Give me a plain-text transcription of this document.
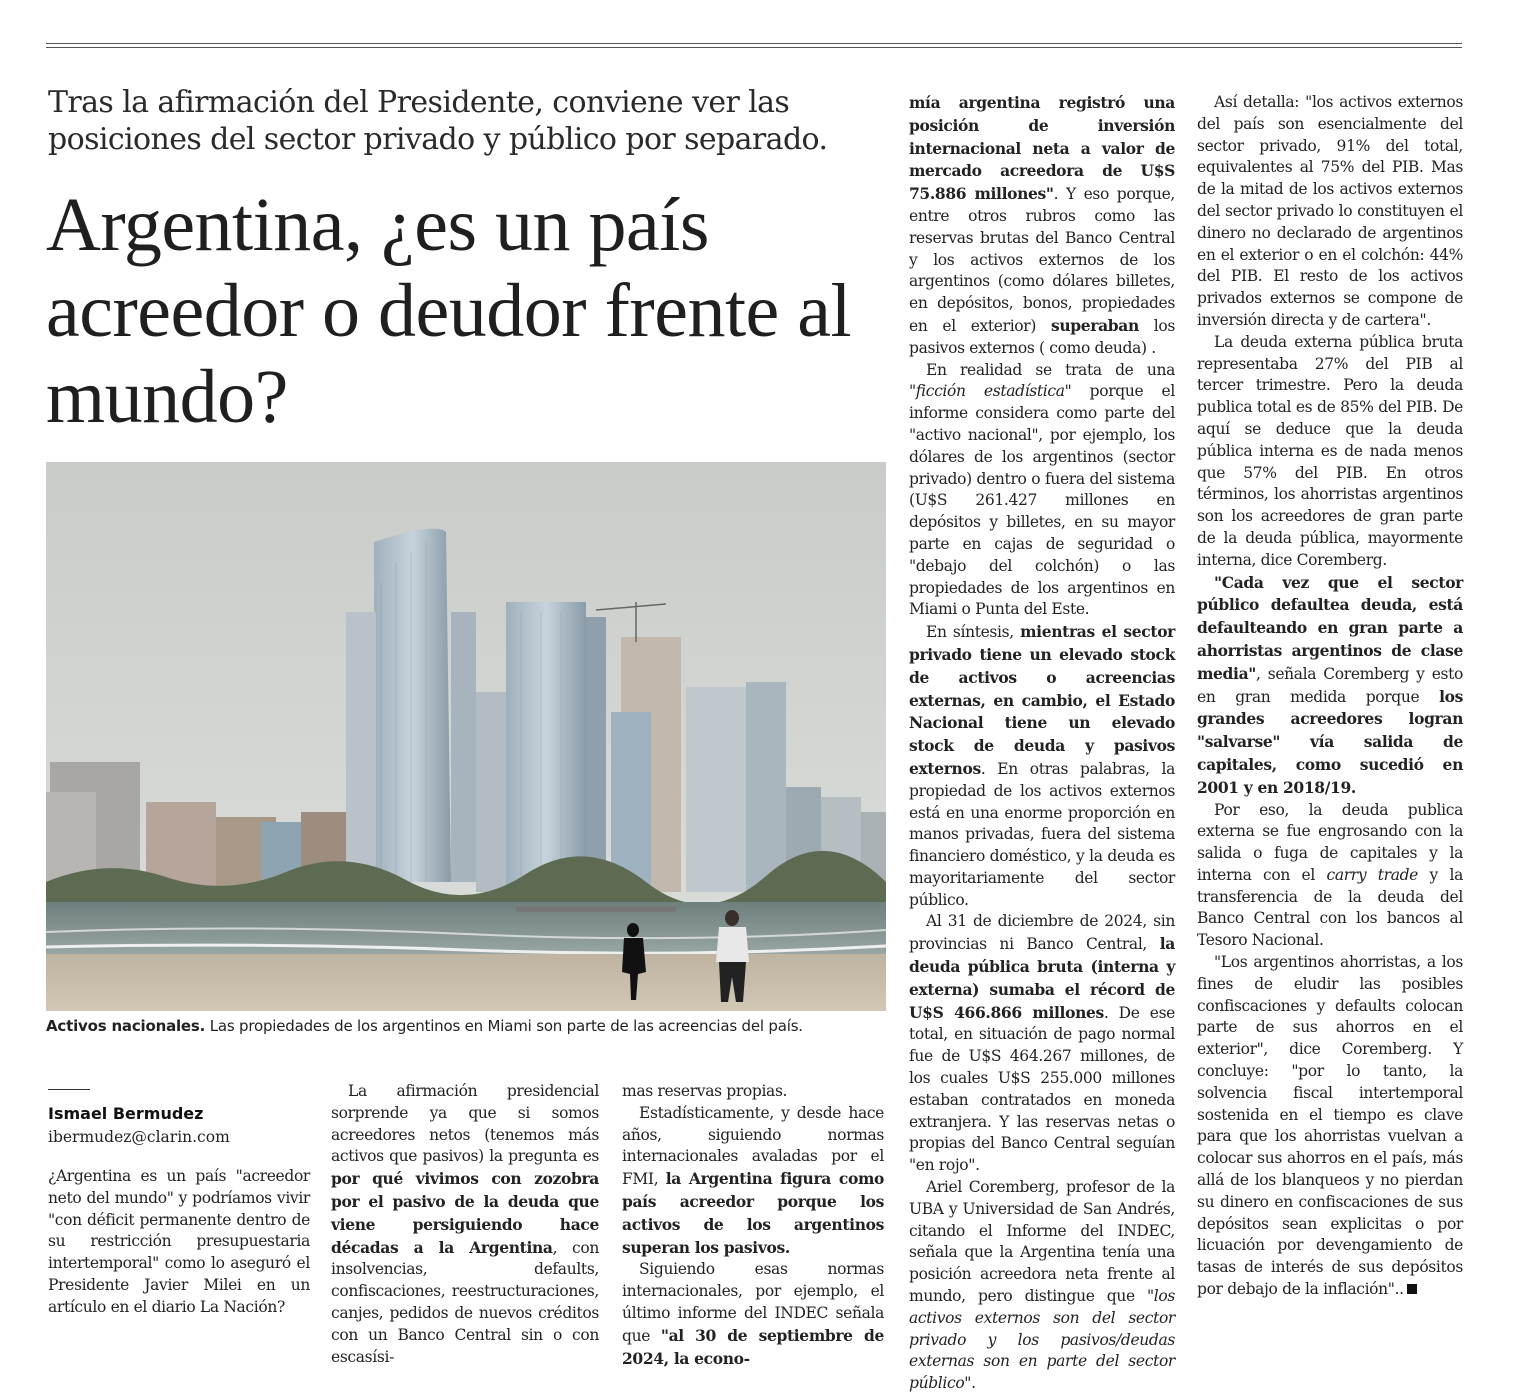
Tras la afirmación del Presidente, conviene ver las posiciones del sector privado y público por separado.
Argentina, ¿es un país acreedor o deudor frente al mundo?

Activos nacionales. Las propiedades de los argentinos en Miami son parte de las acreencias del país.

Ismael Bermudez

ibermudez@clarin.com

¿Argentina es un país "acreedor neto del mundo" y podríamos vivir "con déficit permanente dentro de su restricción presupuestaria intertemporal" como lo aseguró el Presidente Javier Milei en un artículo en el diario La Nación?

La afirmación presidencial sorprende ya que si somos acreedores netos (tenemos más activos que pasivos) la pregunta es por qué vivimos con zozobra por el pasivo de la deuda que viene persiguiendo hace décadas a la Argentina, con insolvencias, defaults, confiscaciones, reestructuraciones, canjes, pedidos de nuevos créditos con un Banco Central sin o con escasísi-

mas reservas propias.

Estadísticamente, y desde hace años, siguiendo normas internacionales avaladas por el FMI, la Argentina figura como país acreedor porque los activos de los argentinos superan los pasivos.

Siguiendo esas normas internacionales, por ejemplo, el último informe del INDEC señala que "al 30 de septiembre de 2024, la econo-

mía argentina registró una posición de inversión internacional neta a valor de mercado acreedora de U$S 75.886 millones". Y eso porque, entre otros rubros como las reservas brutas del Banco Central y los activos externos de los argentinos (como dólares billetes, en depósitos, bonos, propiedades en el exterior) superaban los pasivos externos ( como deuda) .

En realidad se trata de una "ficción estadística" porque el informe considera como parte del "activo nacional", por ejemplo, los dólares de los argentinos (sector privado) dentro o fuera del sistema (U$S 261.427 millones en depósitos y billetes, en su mayor parte en cajas de seguridad o "debajo del colchón) o las propiedades de los argentinos en Miami o Punta del Este.

En síntesis, mientras el sector privado tiene un elevado stock de activos o acreencias externas, en cambio, el Estado Nacional tiene un elevado stock de deuda y pasivos externos. En otras palabras, la propiedad de los activos externos está en una enorme proporción en manos privadas, fuera del sistema financiero doméstico, y la deuda es mayoritariamente del sector público.

Al 31 de diciembre de 2024, sin provincias ni Banco Central, la deuda pública bruta (interna y externa) sumaba el récord de U$S 466.866 millones. De ese total, en situación de pago normal fue de U$S 464.267 millones, de los cuales U$S 255.000 millones estaban contratados en moneda extranjera. Y las reservas netas o propias del Banco Central seguían "en rojo".

Ariel Coremberg, profesor de la UBA y Universidad de San Andrés, citando el Informe del INDEC, señala que la Argentina tenía una posición acreedora neta frente al mundo, pero distingue que "los activos externos son del sector privado y los pasivos/deudas externas son en parte del sector público".

Así detalla: "los activos externos del país son esencialmente del sector privado, 91% del total, equivalentes al 75% del PIB. Mas de la mitad de los activos externos del sector privado lo constituyen el dinero no declarado de argentinos en el exterior o en el colchón: 44% del PIB. El resto de los activos privados externos se compone de inversión directa y de cartera".

La deuda externa pública bruta representaba 27% del PIB al tercer trimestre. Pero la deuda publica total es de 85% del PIB. De aquí se deduce que la deuda pública interna es de nada menos que 57% del PIB. En otros términos, los ahorristas argentinos son los acreedores de gran parte de la deuda pública, mayormente interna, dice Coremberg.

"Cada vez que el sector público defaultea deuda, está defaulteando en gran parte a ahorristas argentinos de clase media", señala Coremberg y esto en gran medida porque los grandes acreedores logran "salvarse" vía salida de capitales, como sucedió en 2001 y en 2018/19.

Por eso, la deuda publica externa se fue engrosando con la salida o fuga de capitales y la interna con el carry trade y la transferencia de la deuda del Banco Central con los bancos al Tesoro Nacional.

"Los argentinos ahorristas, a los fines de eludir las posibles confiscaciones y defaults colocan parte de sus ahorros en el exterior", dice Coremberg. Y concluye: "por lo tanto, la solvencia fiscal intertemporal sostenida en el tiempo es clave para que los ahorristas vuelvan a colocar sus ahorros en el país, más allá de los blanqueos y no pierdan su dinero en confiscaciones de sus depósitos sean explicitas o por licuación por devengamiento de tasas de interés de sus depósitos por debajo de la inflación"..
